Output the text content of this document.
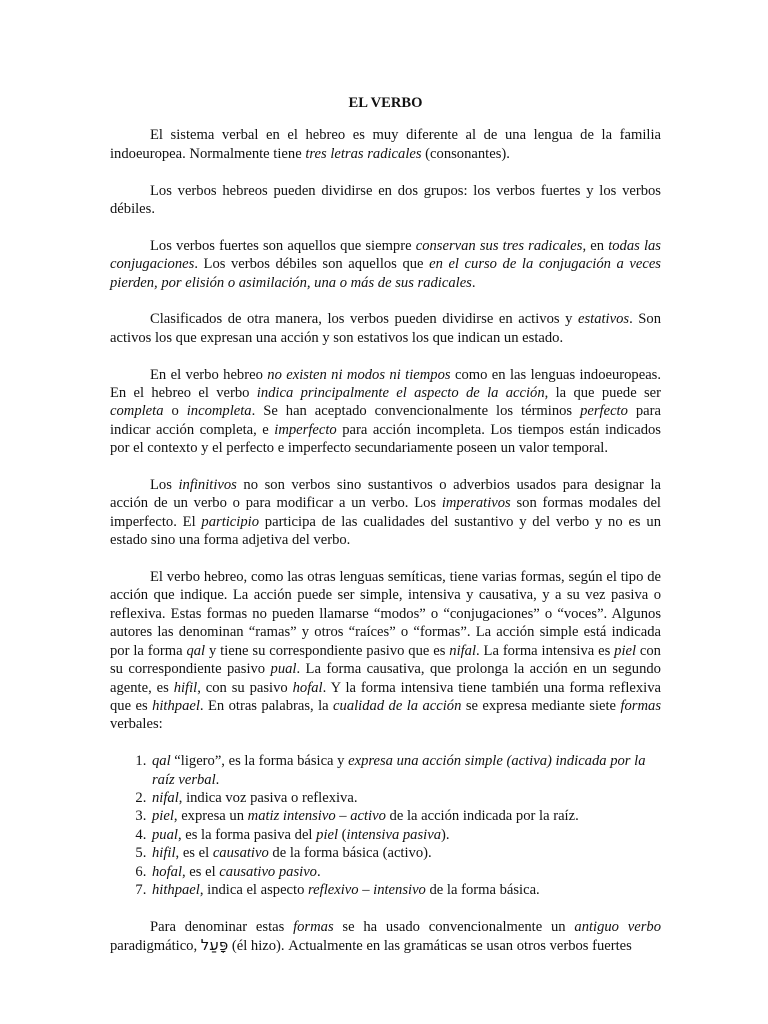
EL VERBO

El sistema verbal en el hebreo es muy diferente al de una lengua de la familia indoeuropea. Normalmente tiene tres letras radicales (consonantes).

Los verbos hebreos pueden dividirse en dos grupos: los verbos fuertes y los verbos débiles.

Los verbos fuertes son aquellos que siempre conservan sus tres radicales, en todas las conjugaciones. Los verbos débiles son aquellos que en el curso de la conjugación a veces pierden, por elisión o asimilación, una o más de sus radicales.

Clasificados de otra manera, los verbos pueden dividirse en activos y estativos. Son activos los que expresan una acción y son estativos los que indican un estado.

En el verbo hebreo no existen ni modos ni tiempos como en las lenguas indoeuropeas. En el hebreo el verbo indica principalmente el aspecto de la acción, la que puede ser completa o incompleta. Se han aceptado convencionalmente los términos perfecto para indicar acción completa, e imperfecto para acción incompleta. Los tiempos están indicados por el contexto y el perfecto e imperfecto secundariamente poseen un valor temporal.

Los infinitivos no son verbos sino sustantivos o adverbios usados para designar la acción de un verbo o para modificar a un verbo. Los imperativos son formas modales del imperfecto. El participio participa de las cualidades del sustantivo y del verbo y no es un estado sino una forma adjetiva del verbo.

El verbo hebreo, como las otras lenguas semíticas, tiene varias formas, según el tipo de acción que indique. La acción puede ser simple, intensiva y causativa, y a su vez pasiva o reflexiva. Estas formas no pueden llamarse “modos” o “conjugaciones” o “voces”. Algunos autores las denominan “ramas” y otros “raíces” o “formas”. La acción simple está indicada por la forma qal y tiene su correspondiente pasivo que es nifal. La forma intensiva es piel con su correspondiente pasivo pual. La forma causativa, que prolonga la acción en un segundo agente, es hifil, con su pasivo hofal. Y la forma intensiva tiene también una forma reflexiva que es hithpael. En otras palabras, la cualidad de la acción se expresa mediante siete formas verbales:

1. qal “ligero”, es la forma básica y expresa una acción simple (activa) indicada por la raíz verbal.
2. nifal, indica voz pasiva o reflexiva.
3. piel, expresa un matiz intensivo – activo de la acción indicada por la raíz.
4. pual, es la forma pasiva del piel (intensiva pasiva).
5. hifil, es el causativo de la forma básica (activo).
6. hofal, es el causativo pasivo.
7. hithpael, indica el aspecto reflexivo – intensivo de la forma básica.

Para denominar estas formas se ha usado convencionalmente un antiguo verbo paradigmático, פָּעַל (él hizo). Actualmente en las gramáticas se usan otros verbos fuertes
